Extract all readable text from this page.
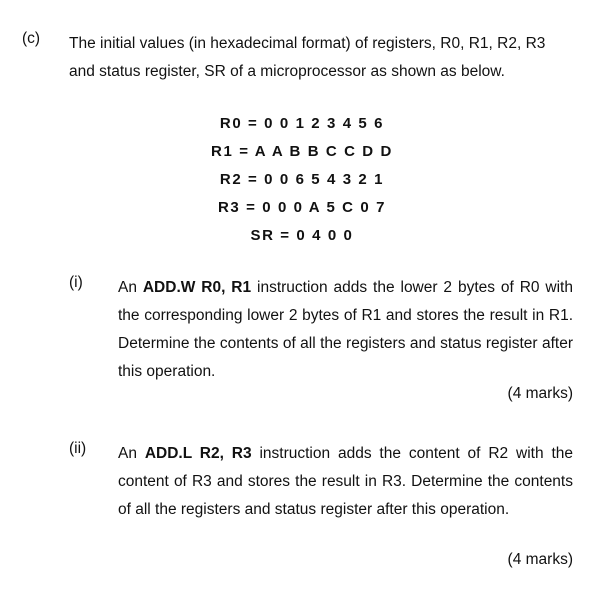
(c) The initial values (in hexadecimal format) of registers, R0, R1, R2, R3
and status register, SR of a microprocessor as shown as below.
R0 = 0 0 1 2 3 4 5 6
R1 = A A B B C C D D
R2 = 0 0 6 5 4 3 2 1
R3 = 0 0 0 A 5 C 0 7
SR = 0 4 0 0
(i) An ADD.W R0, R1 instruction adds the lower 2 bytes of R0 with the corresponding lower 2 bytes of R1 and stores the result in R1. Determine the contents of all the registers and status register after this operation.
(4 marks)
(ii) An ADD.L R2, R3 instruction adds the content of R2 with the content of R3 and stores the result in R3. Determine the contents of all the registers and status register after this operation.
(4 marks)
